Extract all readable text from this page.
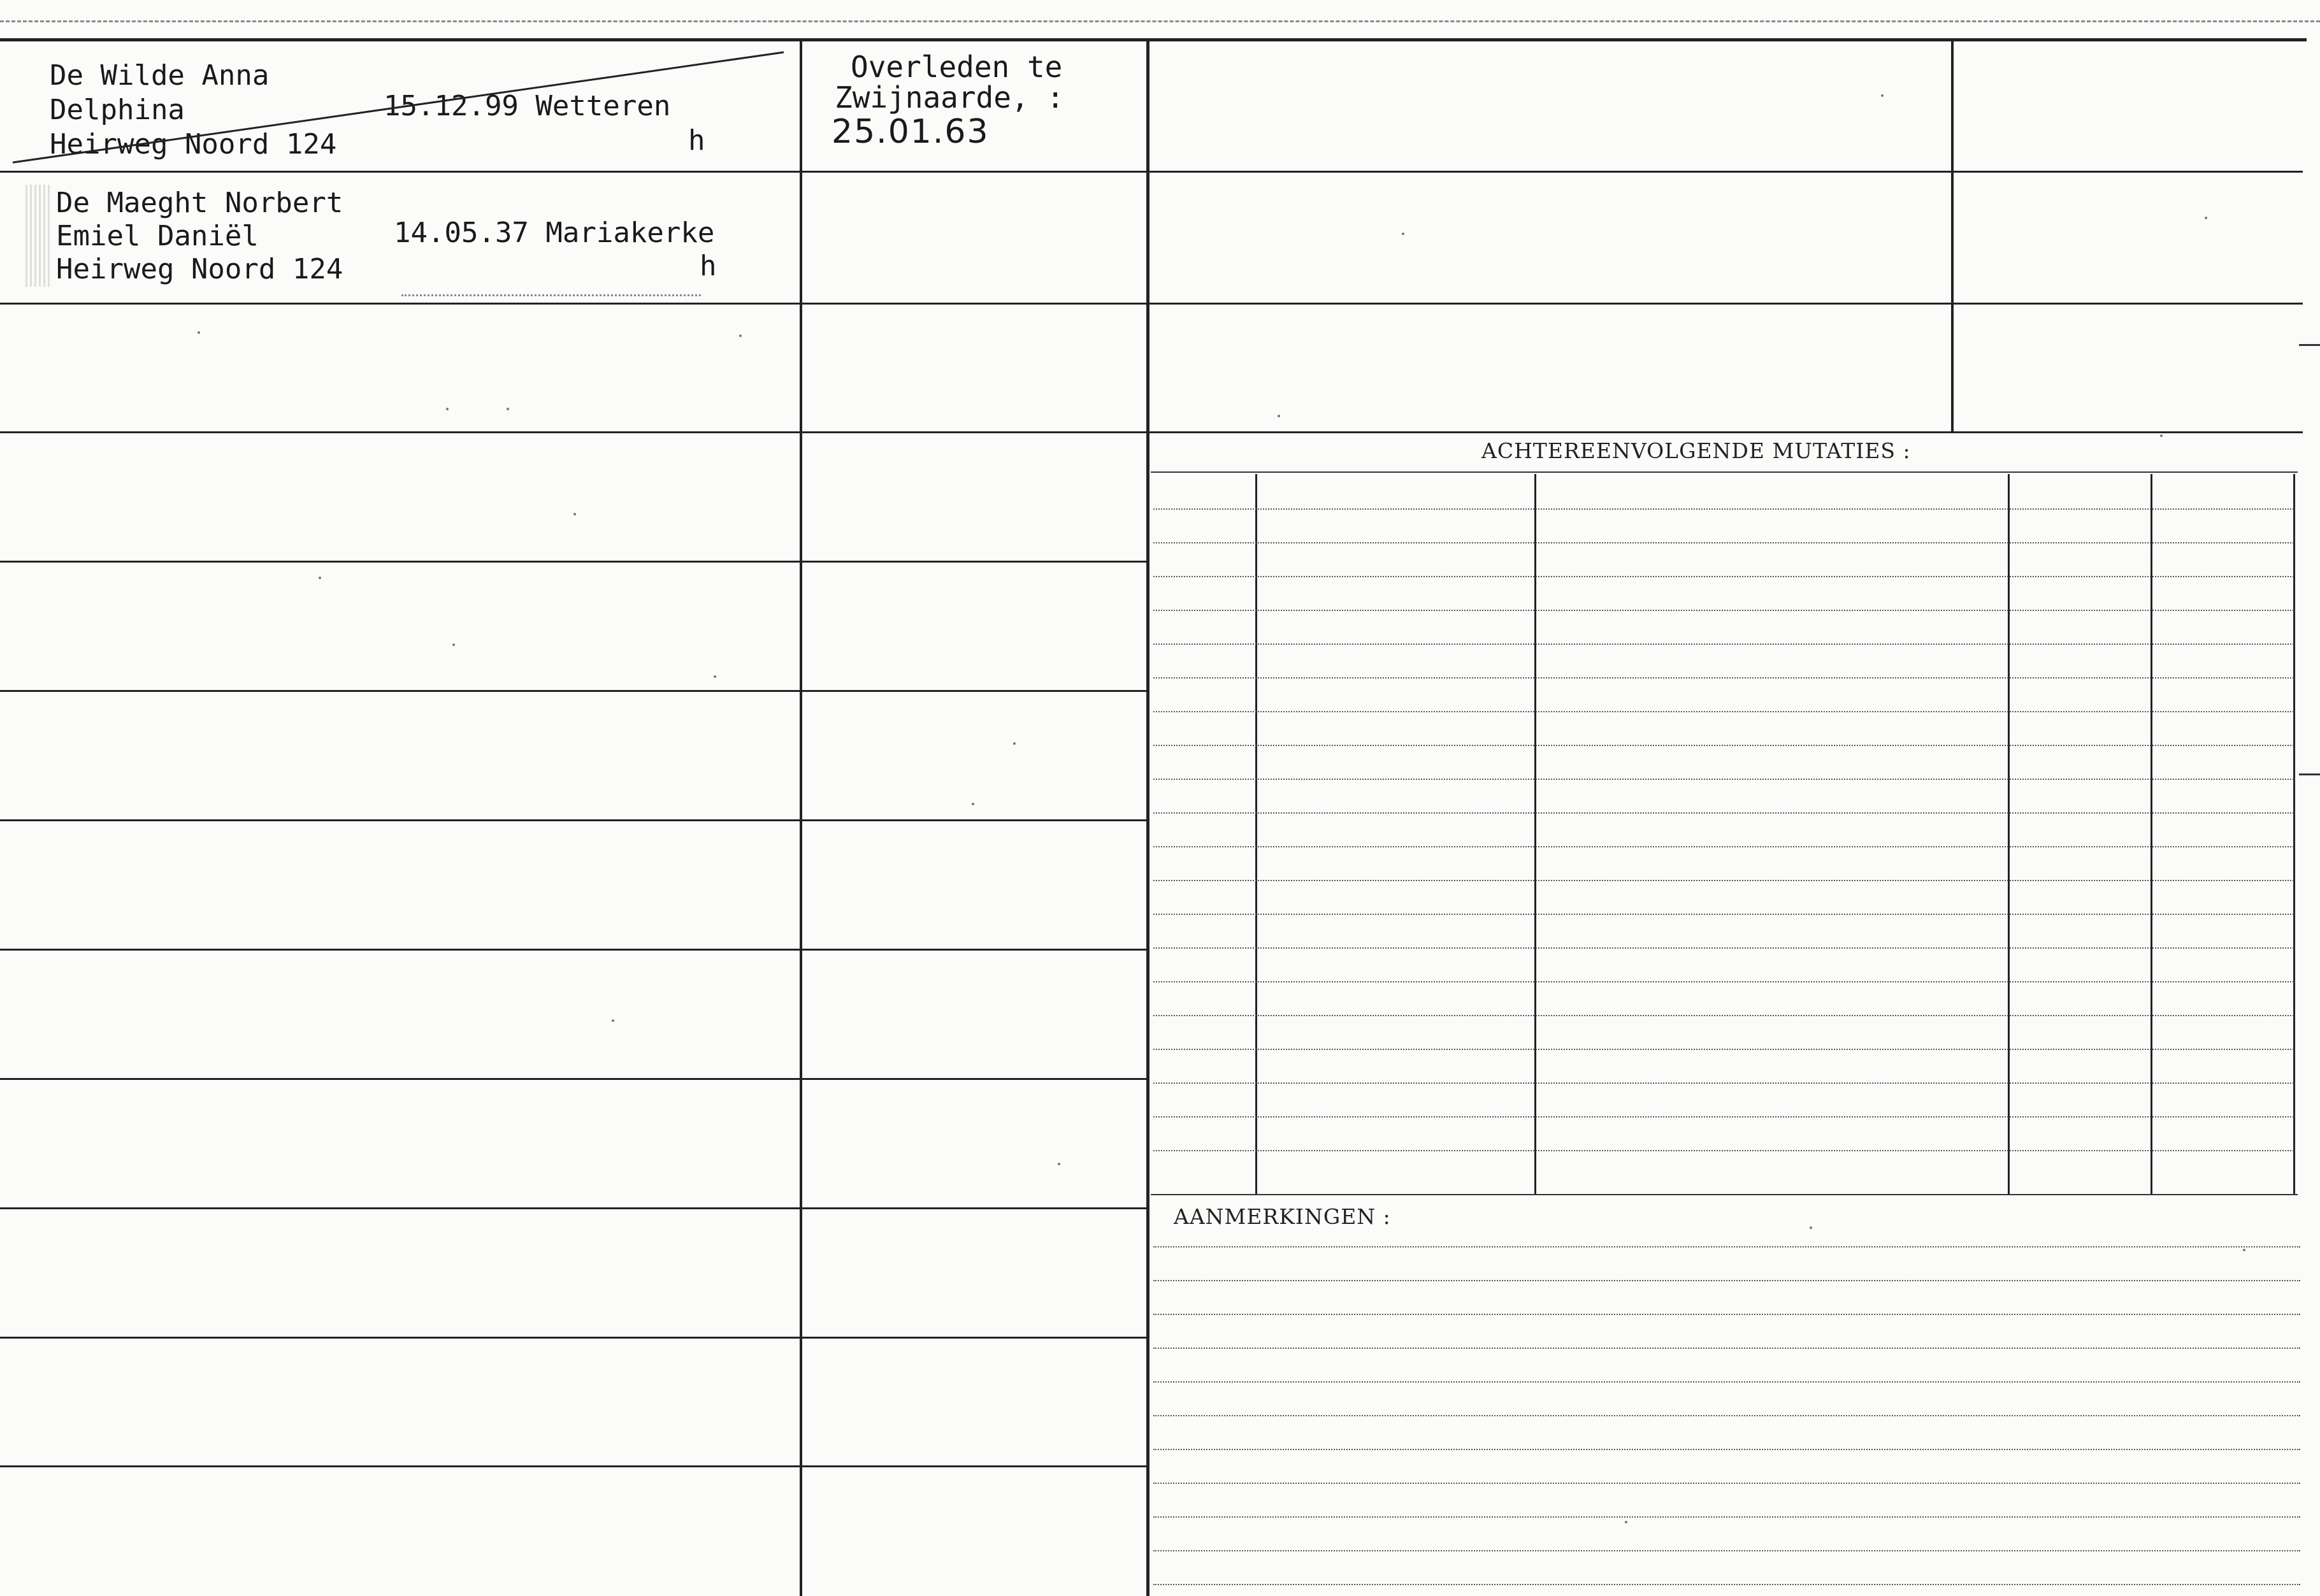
De Wilde Anna
Delphina
Heirweg Noord 124
15.12.99 Wetteren
h
De Maeght Norbert
Emiel Daniël
Heirweg Noord 124
14.05.37 Mariakerke
h
Overleden te
Zwijnaarde, :
25.01.63
ACHTEREENVOLGENDE MUTATIES :
AANMERKINGEN :
